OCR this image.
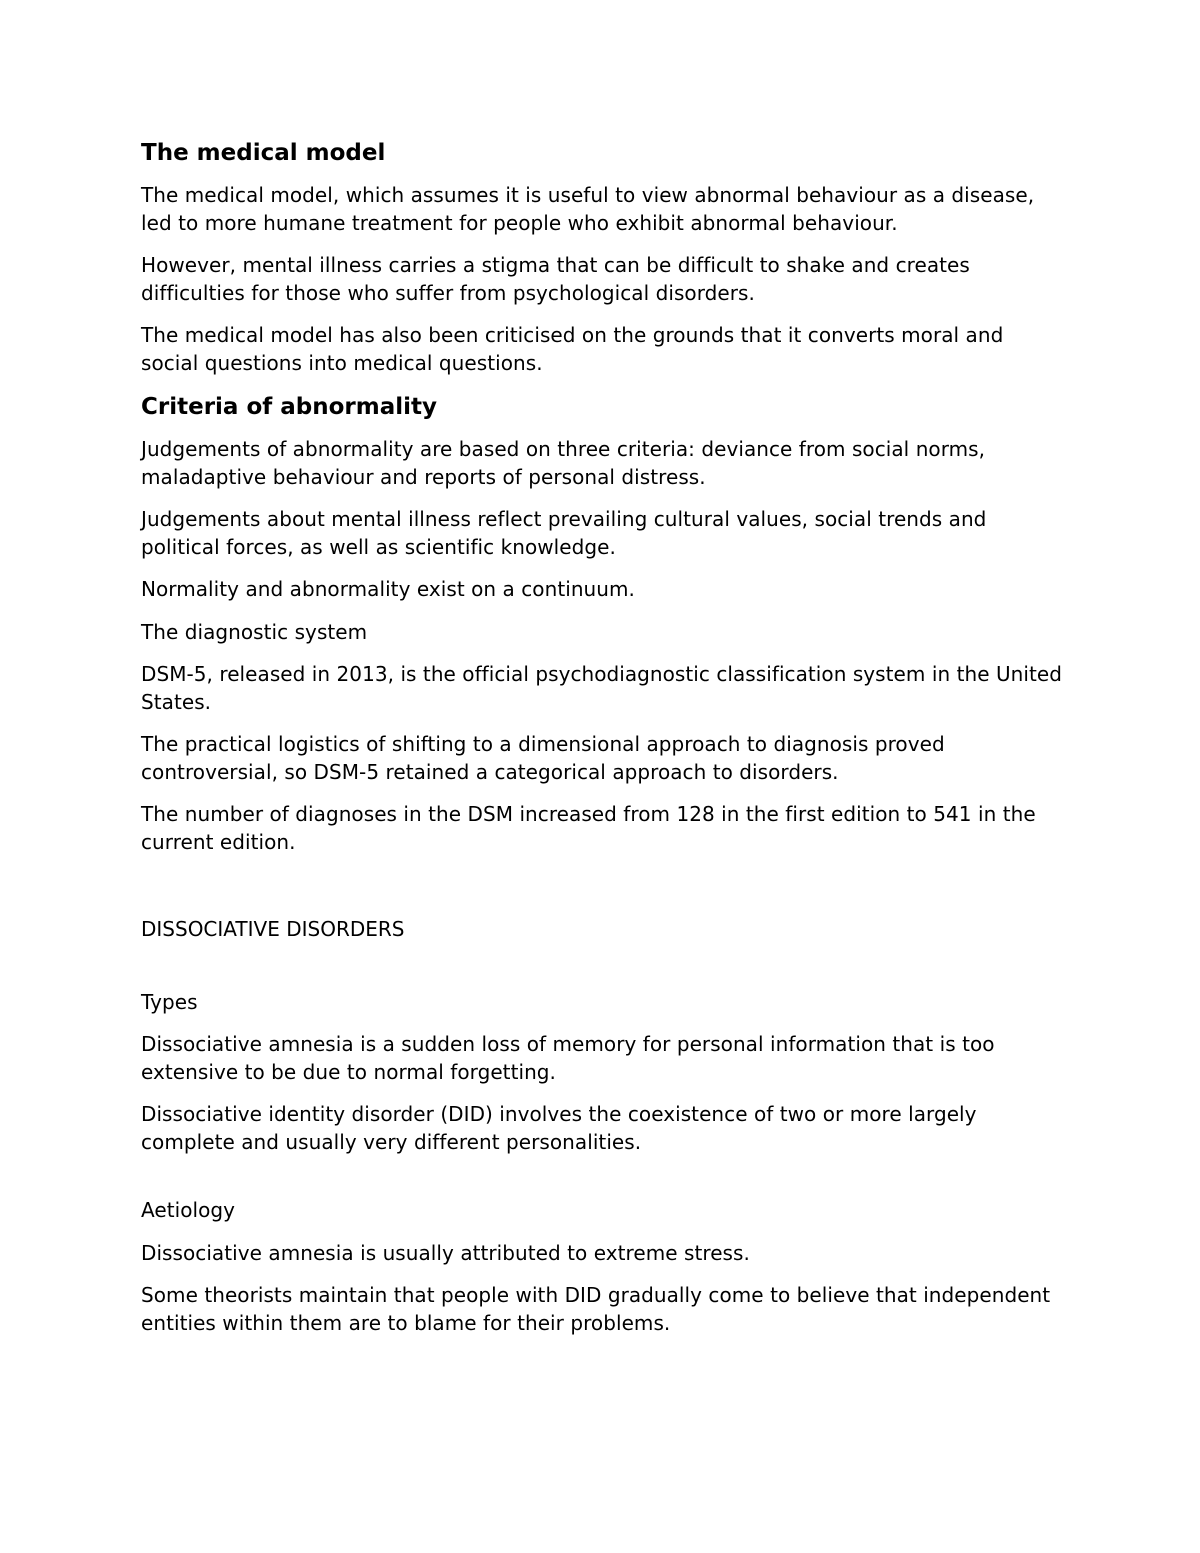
The medical model

The medical model, which assumes it is useful to view abnormal behaviour as a disease, led to more humane treatment for people who exhibit abnormal behaviour.

However, mental illness carries a stigma that can be difficult to shake and creates difficulties for those who suffer from psychological disorders.

The medical model has also been criticised on the grounds that it converts moral and social questions into medical questions.

Criteria of abnormality

Judgements of abnormality are based on three criteria: deviance from social norms, maladaptive behaviour and reports of personal distress.

Judgements about mental illness reflect prevailing cultural values, social trends and political forces, as well as scientific knowledge.

Normality and abnormality exist on a continuum.

The diagnostic system

DSM-5, released in 2013, is the official psychodiagnostic classification system in the United States.

The practical logistics of shifting to a dimensional approach to diagnosis proved controversial, so DSM-5 retained a categorical approach to disorders.

The number of diagnoses in the DSM increased from 128 in the first edition to 541 in the current edition.

DISSOCIATIVE DISORDERS

Types

Dissociative amnesia is a sudden loss of memory for personal information that is too extensive to be due to normal forgetting.

Dissociative identity disorder (DID) involves the coexistence of two or more largely complete and usually very different personalities.

Aetiology

Dissociative amnesia is usually attributed to extreme stress.

Some theorists maintain that people with DID gradually come to believe that independent entities within them are to blame for their problems.
